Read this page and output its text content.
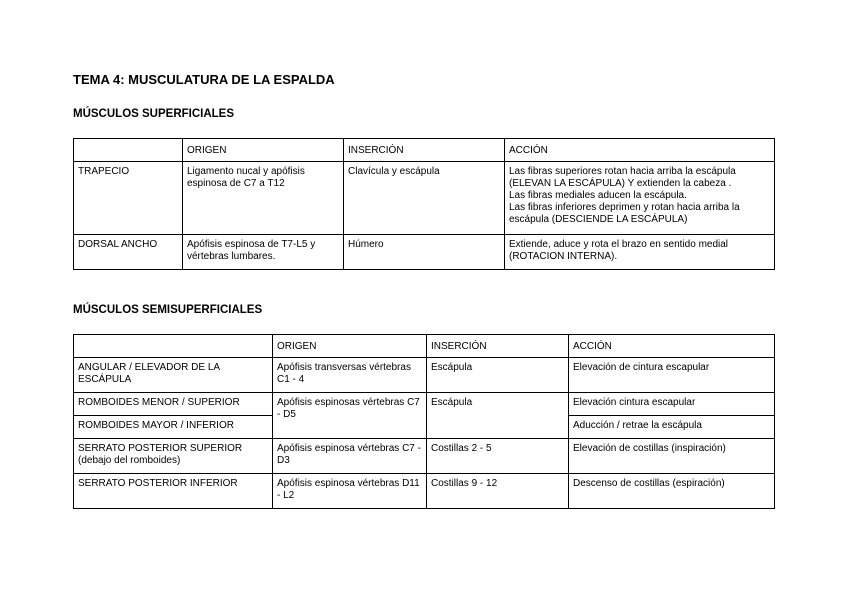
TEMA 4: MUSCULATURA DE LA ESPALDA
MÚSCULOS SUPERFICIALES
	ORIGEN	INSERCIÓN	ACCIÓN
TRAPECIO	Ligamento nucal y apófisis espinosa de C7 a T12	Clavícula y escápula	Las fibras superiores rotan hacia arriba la escápula (ELEVAN LA ESCÁPULA) Y extienden la cabeza .
Las fibras mediales aducen la escápula.
Las fibras inferiores deprimen y rotan hacia arriba la escápula (DESCIENDE LA ESCÁPULA)

DORSAL ANCHO	Apófisis espinosa de T7-L5 y vértebras lumbares.	Húmero	Extiende, aduce y rota el brazo en sentido medial (ROTACION INTERNA).
MÚSCULOS SEMISUPERFICIALES
	ORIGEN	INSERCIÓN	ACCIÓN
ANGULAR / ELEVADOR DE LA ESCÁPULA	Apófisis transversas vértebras C1 - 4	Escápula	Elevación de cintura escapular
ROMBOIDES MENOR / SUPERIOR	Apófisis espinosas vértebras C7 - D5	Escápula	Elevación cintura escapular
ROMBOIDES MAYOR / INFERIOR			Aducción / retrae la escápula

SERRATO POSTERIOR SUPERIOR
(debajo del romboides)	Apófisis espinosa vértebras C7 - D3	Costillas 2 - 5	Elevación de costillas (inspiración)
SERRATO POSTERIOR INFERIOR	Apófisis espinosa vértebras D11 - L2	Costillas 9 - 12	Descenso de costillas (espiración)
